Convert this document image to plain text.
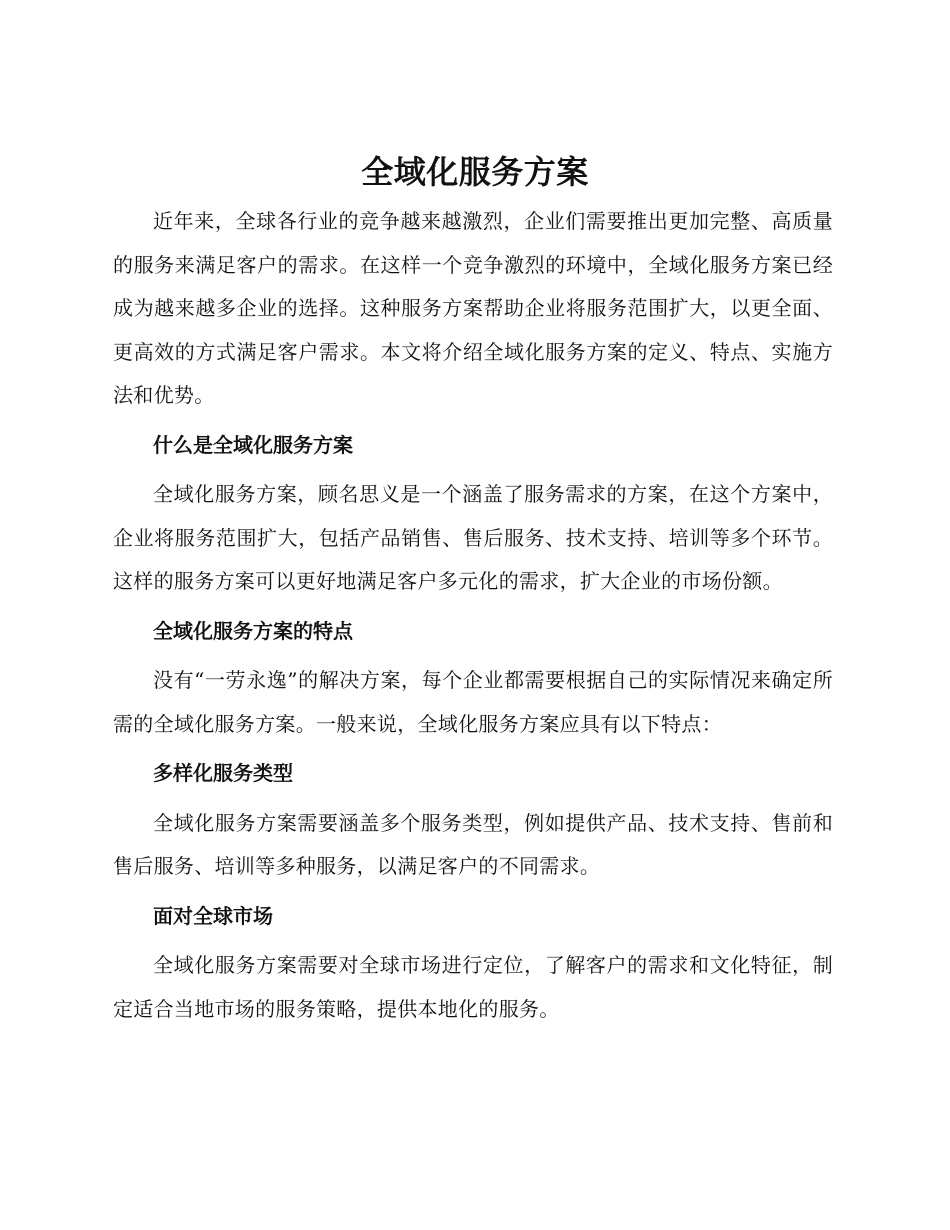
全域化服务方案

近年来，全球各行业的竞争越来越激烈，企业们需要推出更加完整、高质量的服务来满足客户的需求。在这样一个竞争激烈的环境中，全域化服务方案已经成为越来越多企业的选择。这种服务方案帮助企业将服务范围扩大，以更全面、更高效的方式满足客户需求。本文将介绍全域化服务方案的定义、特点、实施方法和优势。

什么是全域化服务方案

全域化服务方案，顾名思义是一个涵盖了服务需求的方案，在这个方案中，企业将服务范围扩大，包括产品销售、售后服务、技术支持、培训等多个环节。这样的服务方案可以更好地满足客户多元化的需求，扩大企业的市场份额。

全域化服务方案的特点

没有“一劳永逸”的解决方案，每个企业都需要根据自己的实际情况来确定所需的全域化服务方案。一般来说，全域化服务方案应具有以下特点：

多样化服务类型

全域化服务方案需要涵盖多个服务类型，例如提供产品、技术支持、售前和售后服务、培训等多种服务，以满足客户的不同需求。

面对全球市场

全域化服务方案需要对全球市场进行定位，了解客户的需求和文化特征，制定适合当地市场的服务策略，提供本地化的服务。
